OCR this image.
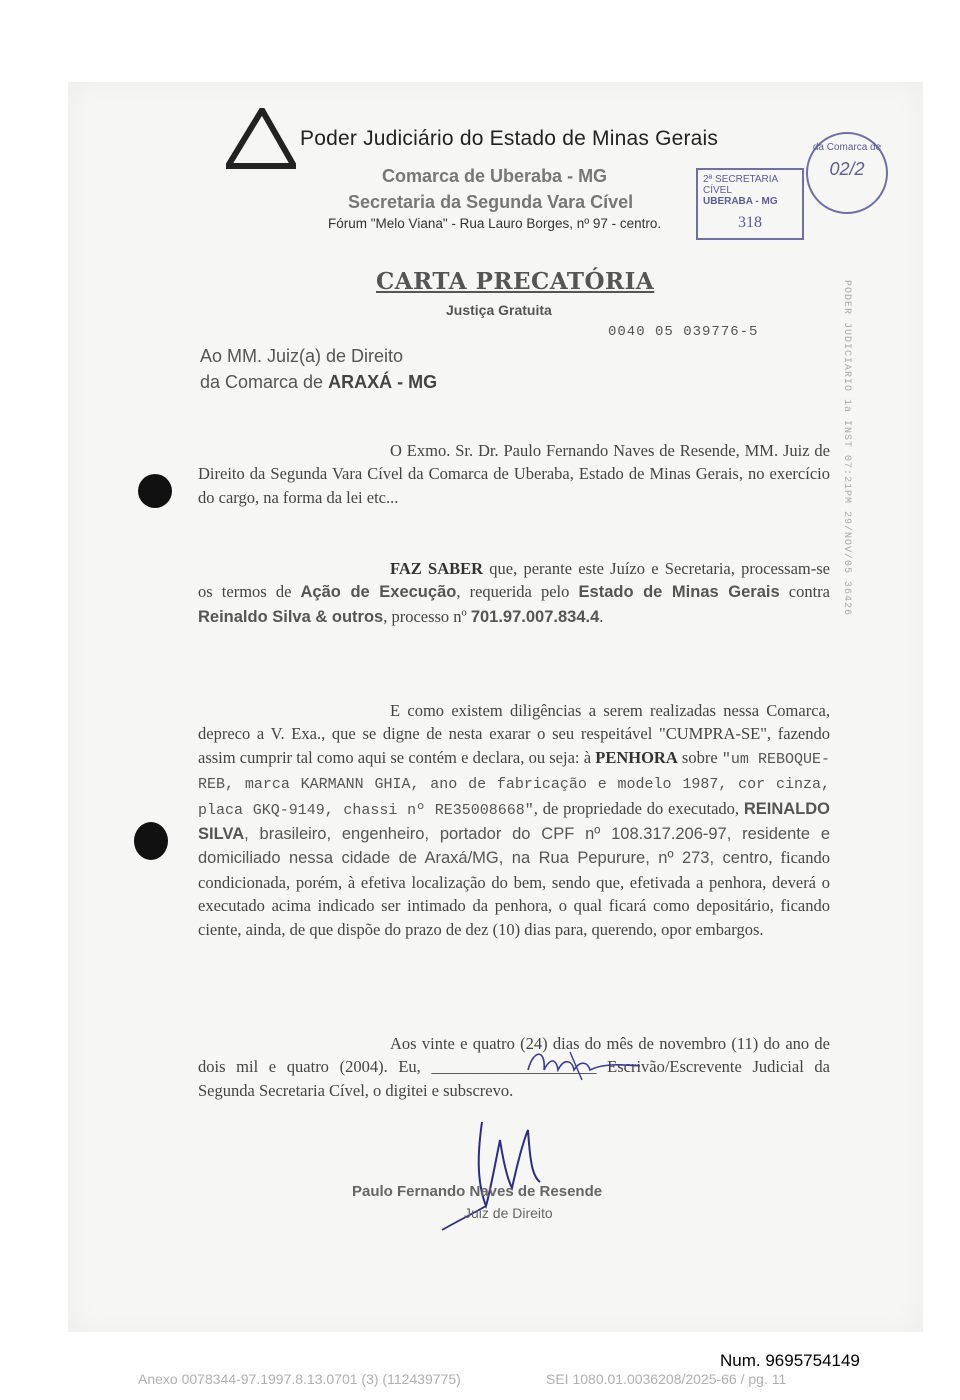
Poder Judiciário do Estado de Minas Gerais
Comarca de Uberaba - MG
Secretaria da Segunda Vara Cível
Fórum "Melo Viana" - Rua Lauro Borges, nº 97 - centro.
2ª SECRETARIA CÍVEL
UBERABA - MG
318
da Comarca de
02/2
CARTA PRECATÓRIA
Justiça Gratuita
0040 05 039776-5	PODER JUDICIARIO 1a INST 07:21PM 29/NOV/05 36426
Ao MM. Juiz(a) de Direito
da Comarca de ARAXÁ - MG

O Exmo. Sr. Dr. Paulo Fernando Naves de Resende, MM. Juiz de Direito da Segunda Vara Cível da Comarca de Uberaba, Estado de Minas Gerais, no exercício do cargo, na forma da lei etc...

FAZ SABER que, perante este Juízo e Secretaria, processam-se os termos de Ação de Execução, requerida pelo Estado de Minas Gerais contra Reinaldo Silva & outros, processo nº 701.97.007.834.4.

E como existem diligências a serem realizadas nessa Comarca, depreco a V. Exa., que se digne de nesta exarar o seu respeitável "CUMPRA-SE", fazendo assim cumprir tal como aqui se contém e declara, ou seja: à PENHORA sobre "um REBOQUE-REB, marca KARMANN GHIA, ano de fabricação e modelo 1987, cor cinza, placa GKQ-9149, chassi nº RE35008668", de propriedade do executado, REINALDO SILVA, brasileiro, engenheiro, portador do CPF nº 108.317.206-97, residente e domiciliado nessa cidade de Araxá/MG, na Rua Pepurure, nº 273, centro, ficando condicionada, porém, à efetiva localização do bem, sendo que, efetivada a penhora, deverá o executado acima indicado ser intimado da penhora, o qual ficará como depositário, ficando ciente, ainda, de que dispõe do prazo de dez (10) dias para, querendo, opor embargos.

Aos vinte e quatro (24) dias do mês de novembro (11) do ano de dois mil e quatro (2004). Eu, ____________________ Escrivão/Escrevente Judicial da Segunda Secretaria Cível, o digitei e subscrevo.

Paulo Fernando Naves de Resende
Juiz de Direito
Num. 9695754149
Anexo 0078344-97.1997.8.13.0701 (3) (112439775)	SEI 1080.01.0036208/2025-66 / pg. 11
